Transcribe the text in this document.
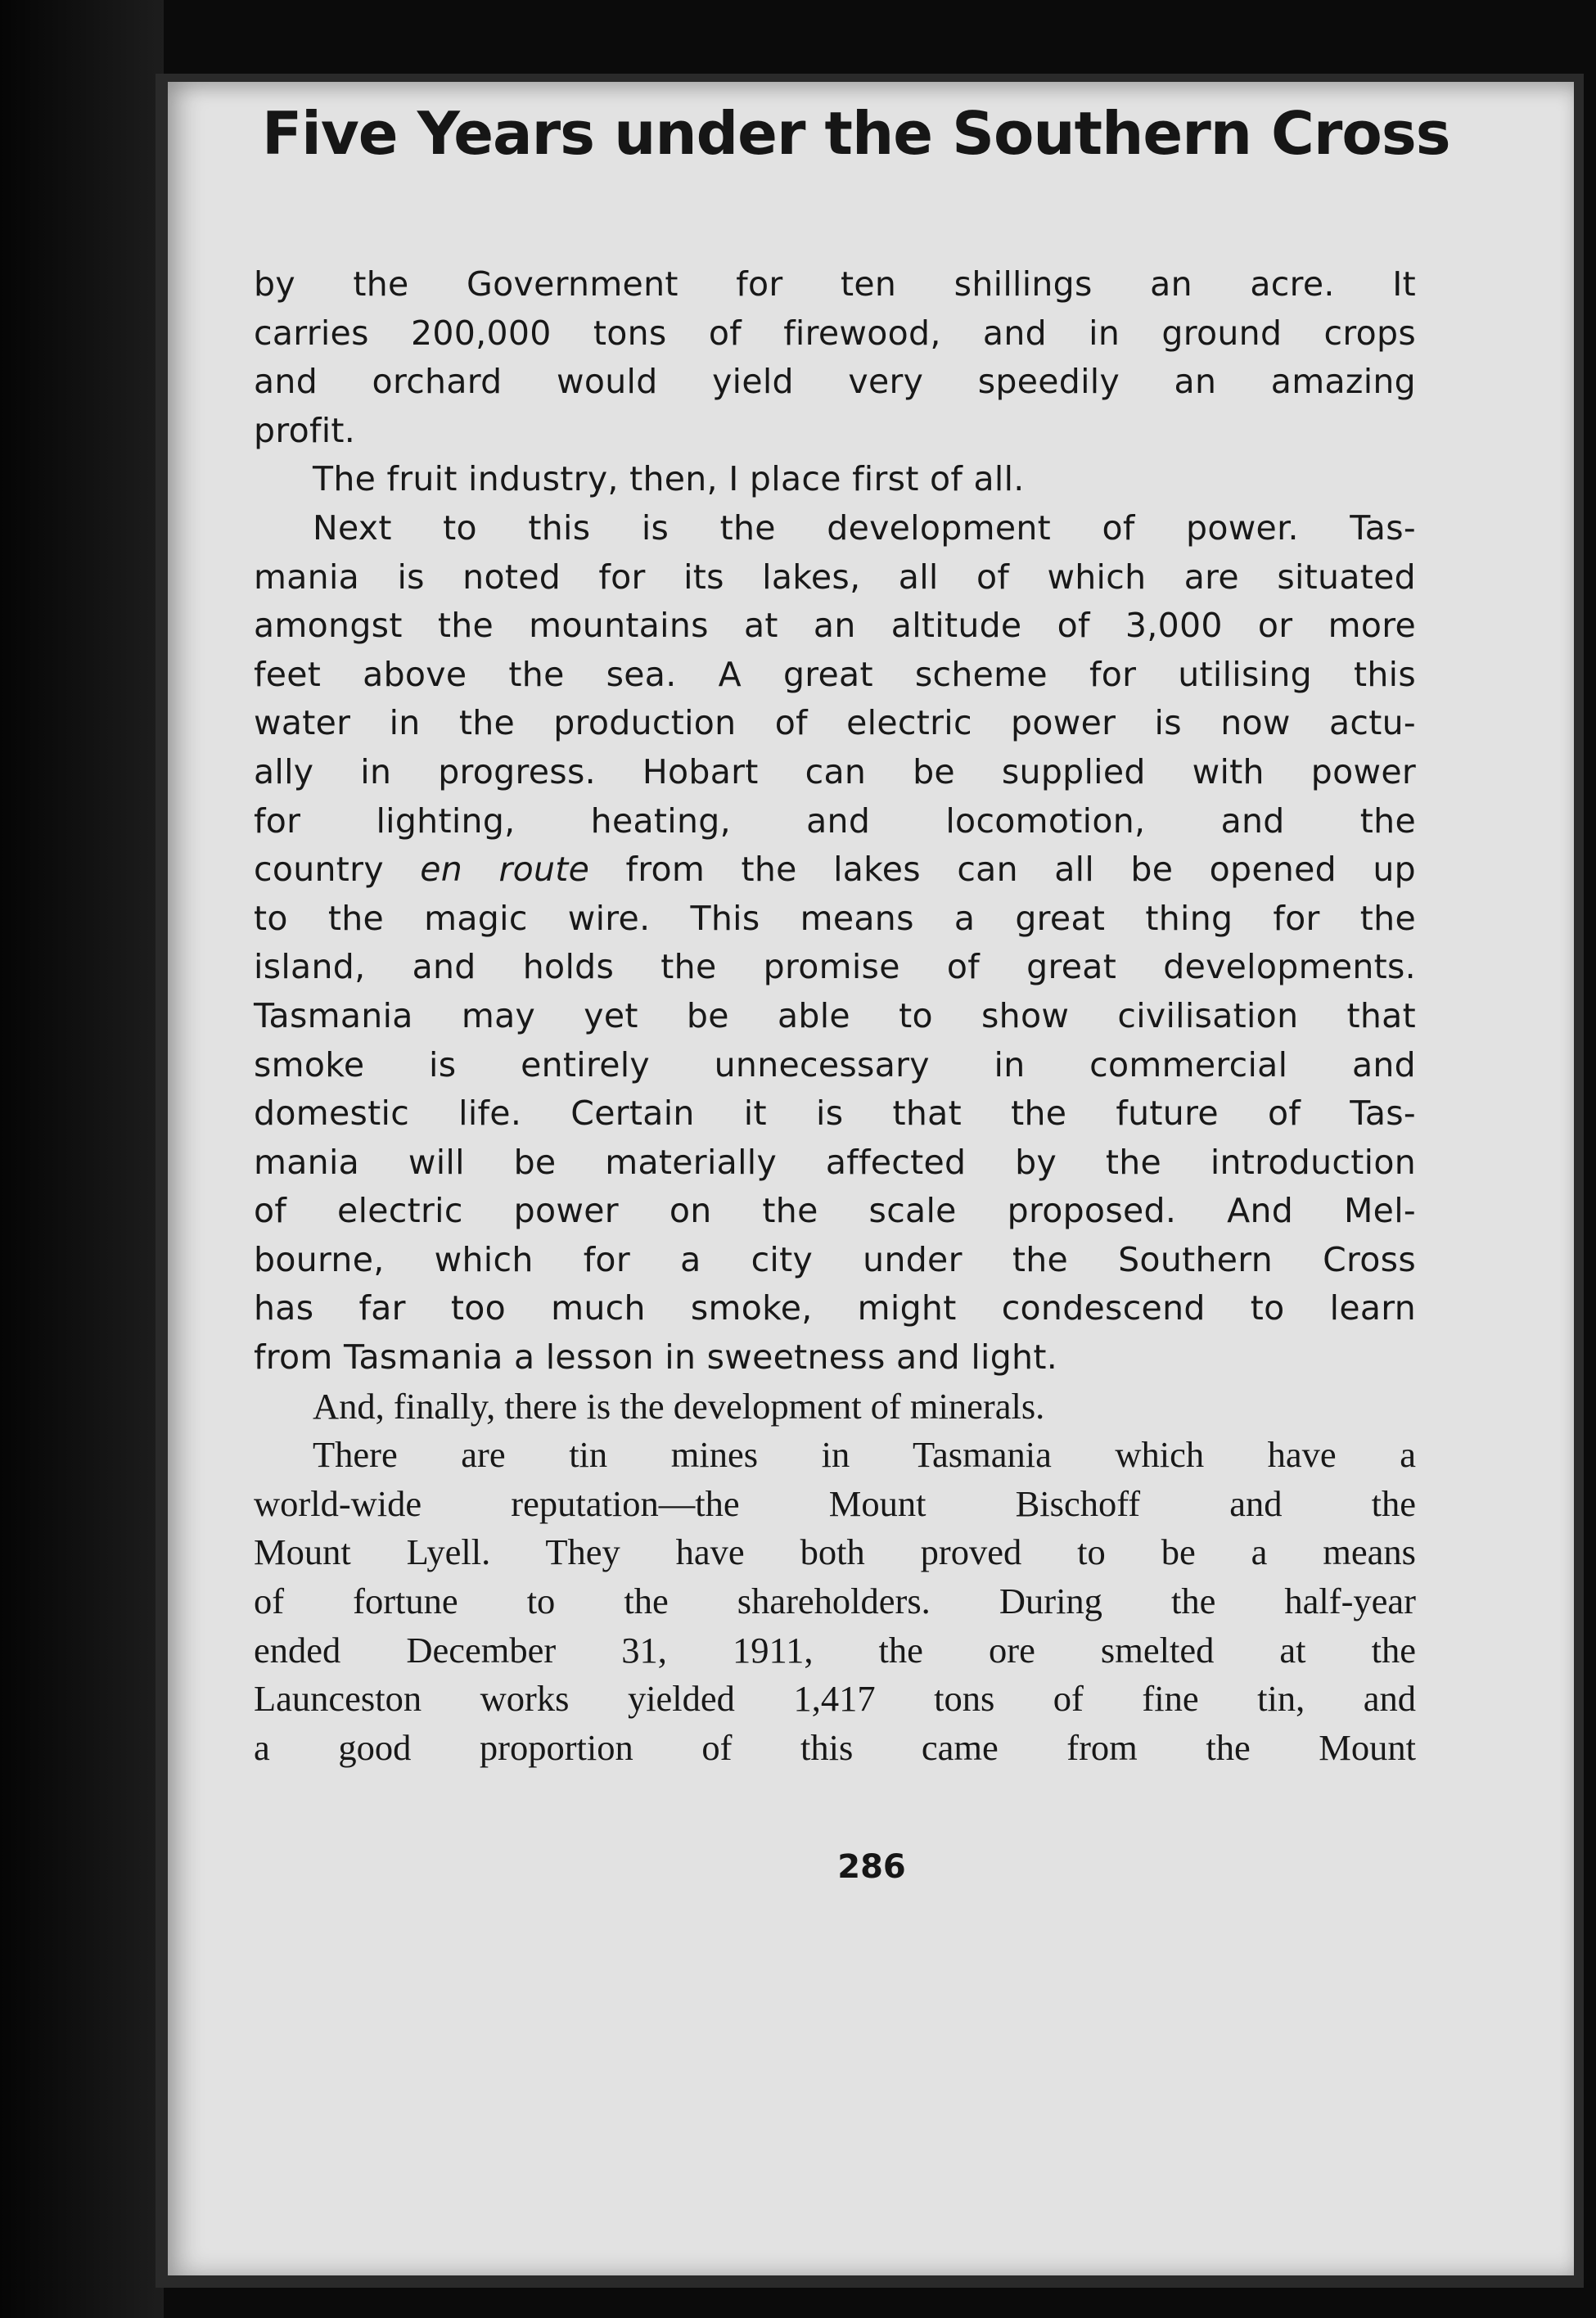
Five Years under the Southern Cross
by the Government for ten shillings an acre. It
carries 200,000 tons of firewood, and in ground crops
and orchard would yield very speedily an amazing
profit.
The fruit industry, then, I place first of all.
Next to this is the development of power. Tas-
mania is noted for its lakes, all of which are situated
amongst the mountains at an altitude of 3,000 or more
feet above the sea. A great scheme for utilising this
water in the production of electric power is now actu-
ally in progress. Hobart can be supplied with power
for lighting, heating, and locomotion, and the
country en route from the lakes can all be opened up
to the magic wire. This means a great thing for the
island, and holds the promise of great developments.
Tasmania may yet be able to show civilisation that
smoke is entirely unnecessary in commercial and
domestic life. Certain it is that the future of Tas-
mania will be materially affected by the introduction
of electric power on the scale proposed. And Mel-
bourne, which for a city under the Southern Cross
has far too much smoke, might condescend to learn
from Tasmania a lesson in sweetness and light.
And, finally, there is the development of minerals.
There are tin mines in Tasmania which have a
world-wide reputation—the Mount Bischoff and the
Mount Lyell. They have both proved to be a means
of fortune to the shareholders. During the half-year
ended December 31, 1911, the ore smelted at the
Launceston works yielded 1,417 tons of fine tin, and
a good proportion of this came from the Mount
286
